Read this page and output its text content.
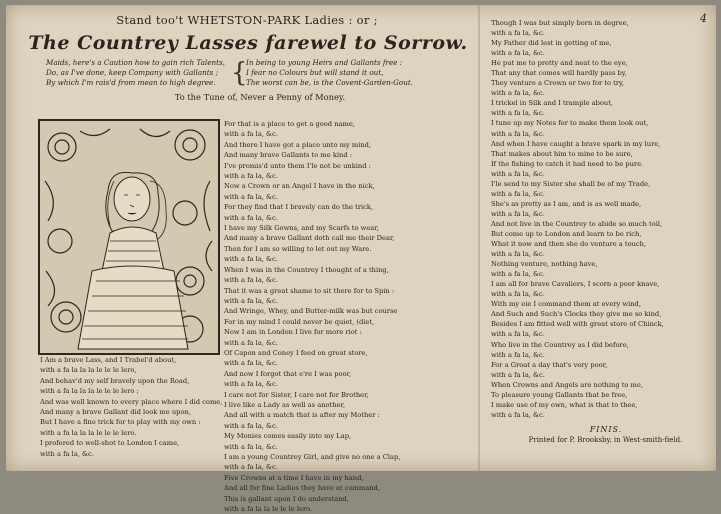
Stand too't WHETSTON-PARK Ladies : or ;
The Countrey Lasses farewel to Sorrow.
Maids, here's a Caution how to gain rich Talents,
Do, as I've done, keep Company with Gallants ;
By which I'm rais'd from mean to high degree. {
In being to young Heirs and Gallants free :
I fear no Colours but will stand it out,
The worst can be, is the Covent-Garden-Gout.
To the Tune of, Never a Penny of Money.
I Am a brave Lass, and I Trabel'd about,
with a fa la la la le le le lero,
And behav'd my self bravely upon the Road,
with a fa la la la le le le lero ;
And was well known to every place where I did come,
And many a brave Gallant did look me upon,
But I have a fine trick for to play with my own :
with a fa la la la le le le lero.
I profered to well-shot to London I came,
with a fa la, &c.
For that is a place to get a good name,
with a fa la, &c.
And there I have got a place unto my mind,
And many brave Gallants to me kind :
I've promis'd unto them I'le not be unkind :
with a fa la, &c.
Now a Crown or an Angel I have in the nick,
with a fa la, &c.
For they find that I bravely can do the trick,
with a fa la, &c.
I have my Silk Gowns, and my Scarfs to wear,
And many a brave Gallant doth call me their Dear,
Then for I am so willing to let out my Ware.
with a fa la, &c.
When I was in the Countrey I thought of a thing,
with a fa la, &c.
That it was a great shame to sit there for to Spin :
with a fa la, &c.
And Wringe, Whey, and Butter-milk was but course
For in my mind I could never be quiet, (diet,
Now I am in London I live for more riot :
with a fa la, &c.
Of Capon and Coney I feed on great store,
with a fa la, &c.
And now I forgot that e're I was poor,
with a fa la, &c.
I care not for Sister, I care not for Brother,
I live like a Lady as well as another,
And all with a match that is after my Mother :
with a fa la, &c.
My Monies comes easily into my Lap,
with a fa la, &c.
I am a young Countrey Girl, and give no one a Clap,
with a fa la, &c.
Five Crowns at a time I have in my hand,
And all for fine Ladies they have at command,
This is gallant upon I do understand,
with a fa la la le le le lero.
4
Though I was but simply born in degree,
with a fa la, &c.
My Father did lest in getting of me,
with a fa la, &c.
He put me to pretty and neat to the eye,
That any that comes will hardly pass by,
They venture a Crown or two for to try,
with a fa la, &c.
I trickel in Silk and I trample about,
with a fa la, &c.
I tune up my Notes for to make them look out,
with a fa la, &c.
And when I have caught a brave spark in my lure,
That makes about him to mine to be sure,
If the fishing to catch it had need to be pure.
with a fa la, &c.
I'le send to my Sister she shall be of my Trade,
with a fa la, &c.
She's as pretty as I am, and is as well made,
with a fa la, &c.
And not live in the Countrey to abide so much toil,
But come up to London and learn to be rich,
What it now and then she do venture a touch,
with a fa la, &c.
Nothing venture, nothing have,
with a fa la, &c.
I am all for brave Cavaliers, I scorn a poor knave,
with a fa la, &c.
With my eie I command them at every wind,
And Such and Such's Clocks they give me so kind,
Besides I am fitted well with great store of Chinck,
with a fa la, &c.
Who live in the Countrey as I did before,
with a fa la, &c.
For a Groat a day that's very poor,
with a fa la, &c.
When Crowns and Angels are nothing to me,
To pleasure young Gallants that be free,
I make use of my own, what is that to thee,
with a fa la, &c.
FINIS.
Printed for P. Brooksby, in West-smith-field.
